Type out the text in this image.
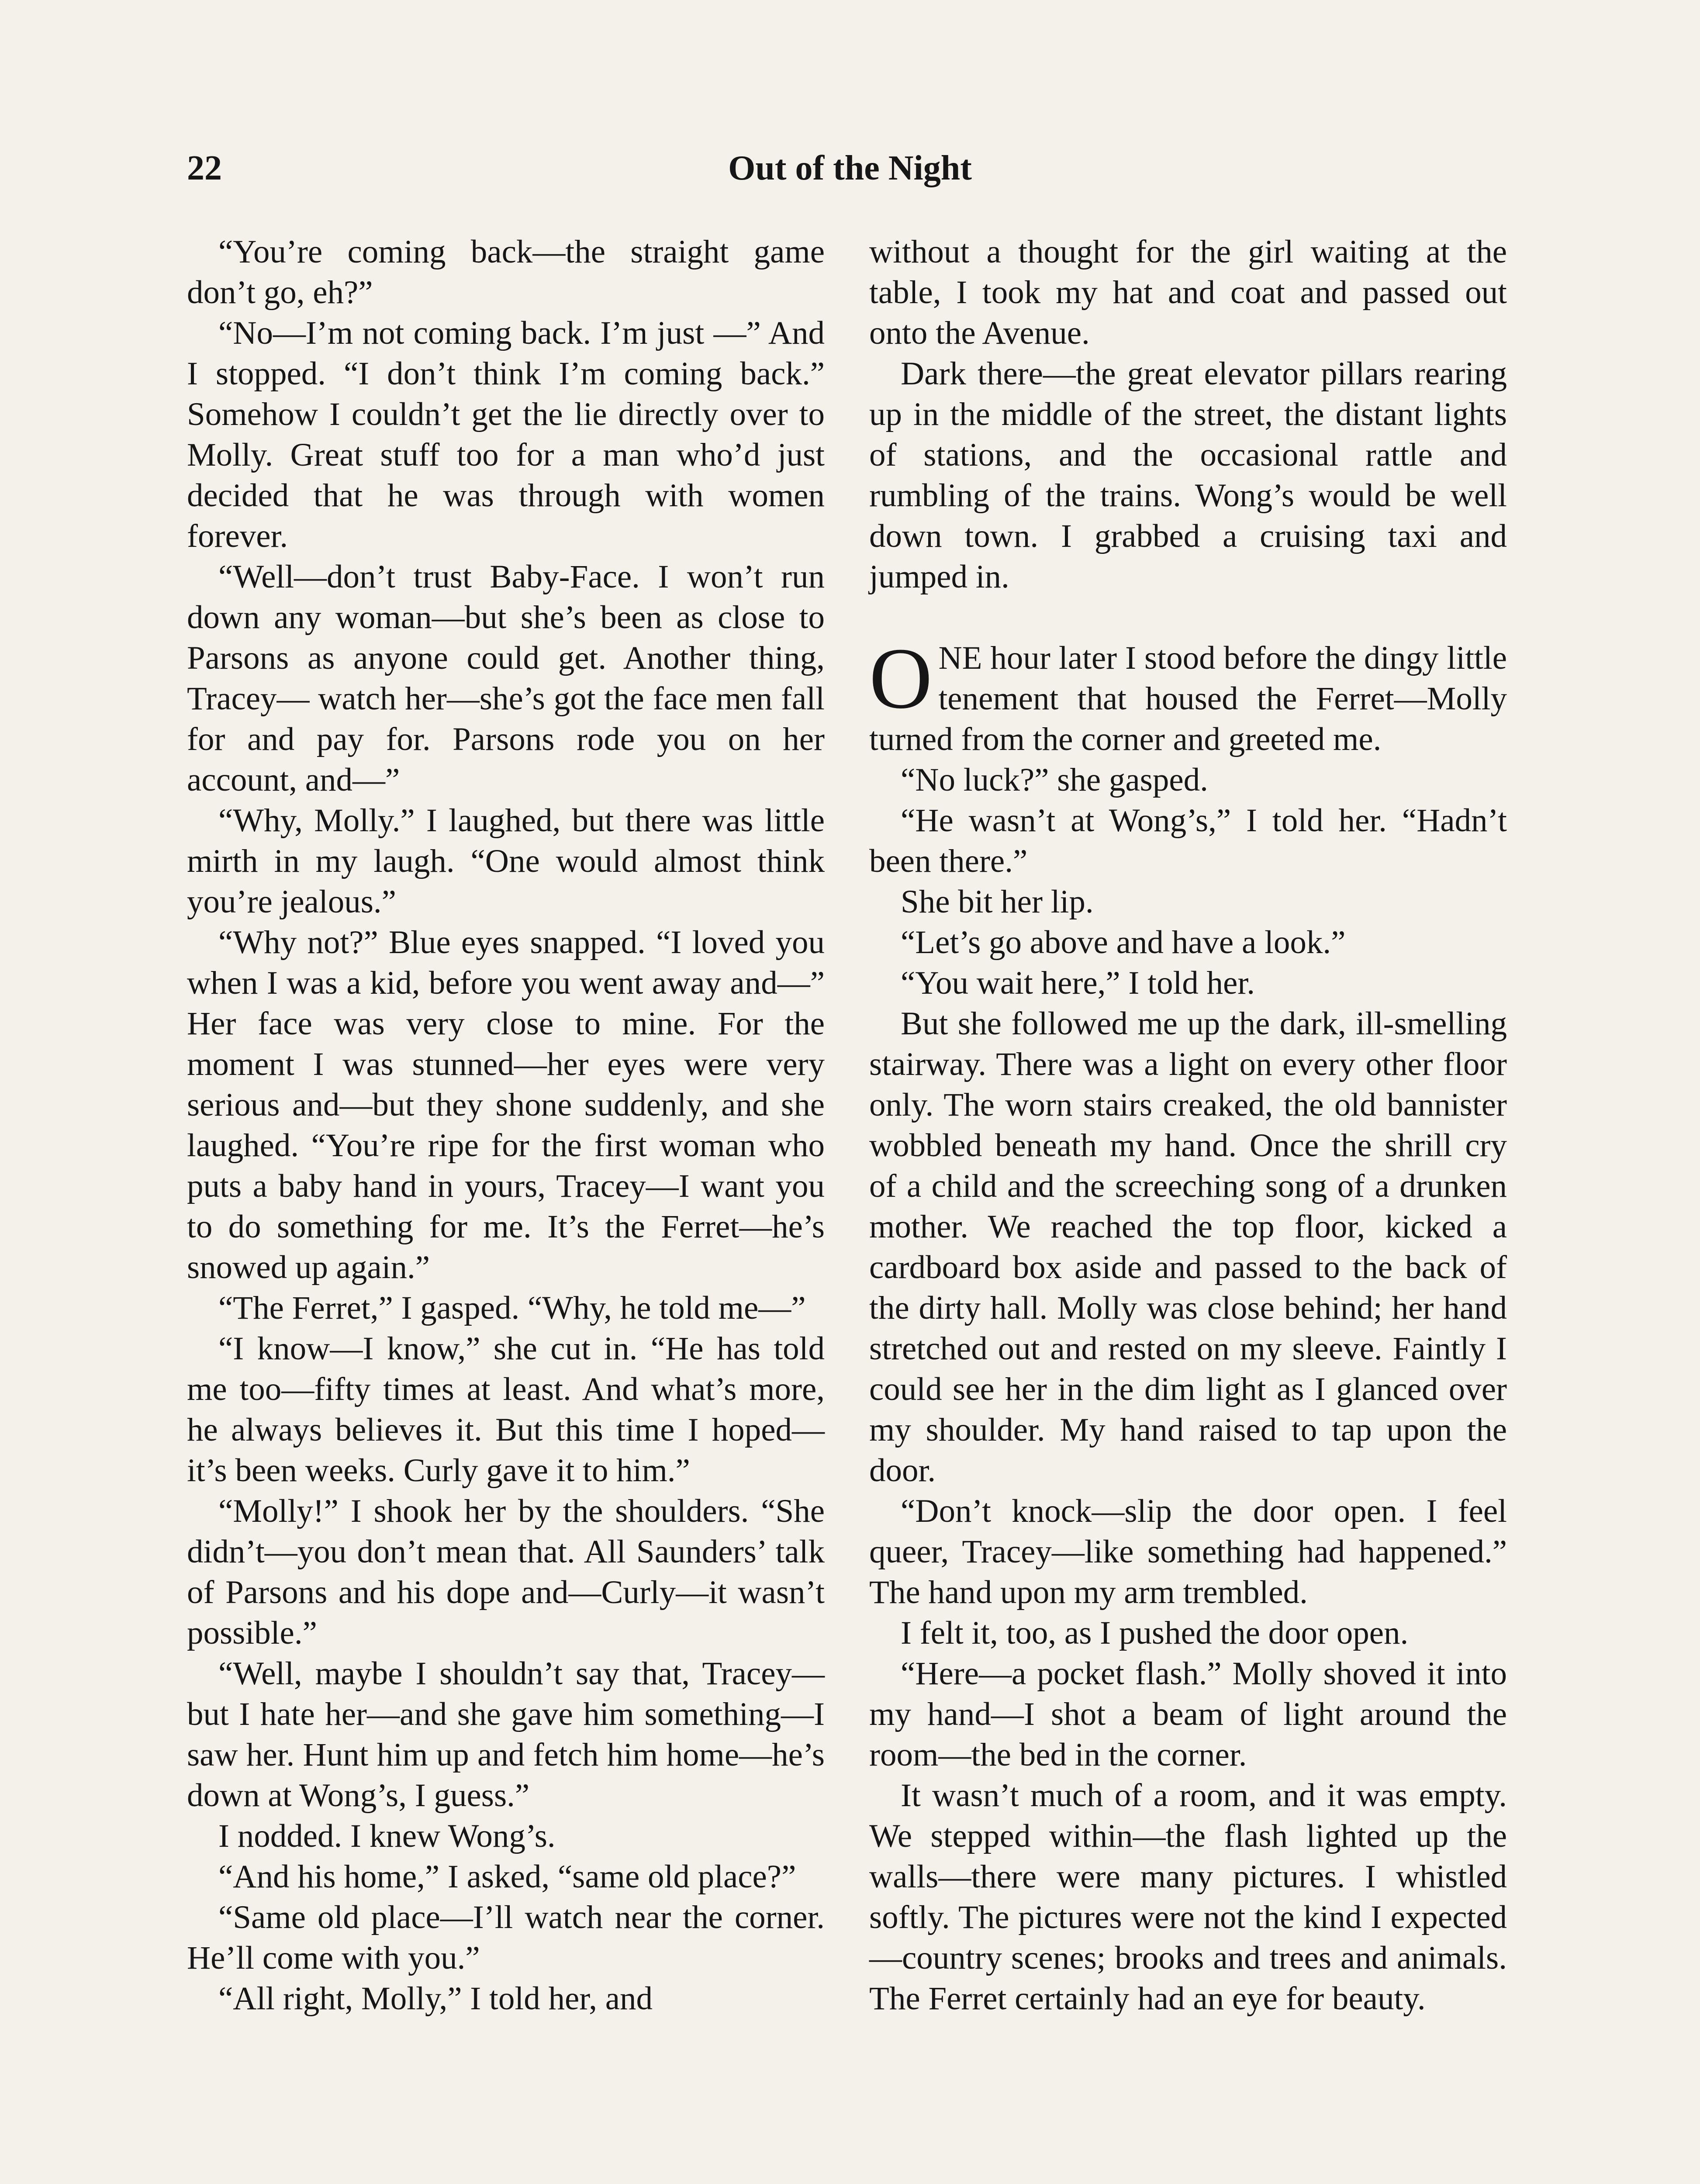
22	Out of the Night

“You’re coming back—the straight game don’t go, eh?”

“No—I’m not coming back. I’m just —” And I stopped. “I don’t think I’m coming back.” Somehow I couldn’t get the lie directly over to Molly. Great stuff too for a man who’d just decided that he was through with women forever.

“Well—don’t trust Baby-Face. I won’t run down any woman—but she’s been as close to Parsons as anyone could get. Another thing, Tracey— watch her—she’s got the face men fall for and pay for. Parsons rode you on her account, and—”

“Why, Molly.” I laughed, but there was little mirth in my laugh. “One would almost think you’re jealous.”

“Why not?” Blue eyes snapped. “I loved you when I was a kid, before you went away and—” Her face was very close to mine. For the moment I was stunned—her eyes were very serious and—but they shone suddenly, and she laughed. “You’re ripe for the first woman who puts a baby hand in yours, Tracey—I want you to do something for me. It’s the Ferret—he’s snowed up again.”

“The Ferret,” I gasped. “Why, he told me—”

“I know—I know,” she cut in. “He has told me too—fifty times at least. And what’s more, he always believes it. But this time I hoped—it’s been weeks. Curly gave it to him.”

“Molly!” I shook her by the shoulders. “She didn’t—you don’t mean that. All Saunders’ talk of Parsons and his dope and—Curly—it wasn’t possible.”

“Well, maybe I shouldn’t say that, Tracey—but I hate her—and she gave him something—I saw her. Hunt him up and fetch him home—he’s down at Wong’s, I guess.”

I nodded. I knew Wong’s.

“And his home,” I asked, “same old place?”

“Same old place—I’ll watch near the corner. He’ll come with you.”

“All right, Molly,” I told her, and

without a thought for the girl waiting at the table, I took my hat and coat and passed out onto the Avenue.

Dark there—the great elevator pillars rearing up in the middle of the street, the distant lights of stations, and the occasional rattle and rumbling of the trains. Wong’s would be well down town. I grabbed a cruising taxi and jumped in.

ONE hour later I stood before the dingy little tenement that housed the Ferret—Molly turned from the corner and greeted me.

“No luck?” she gasped.

“He wasn’t at Wong’s,” I told her. “Hadn’t been there.”

She bit her lip.

“Let’s go above and have a look.”

“You wait here,” I told her.

But she followed me up the dark, ill-smelling stairway. There was a light on every other floor only. The worn stairs creaked, the old bannister wobbled beneath my hand. Once the shrill cry of a child and the screeching song of a drunken mother. We reached the top floor, kicked a cardboard box aside and passed to the back of the dirty hall. Molly was close behind; her hand stretched out and rested on my sleeve. Faintly I could see her in the dim light as I glanced over my shoulder. My hand raised to tap upon the door.

“Don’t knock—slip the door open. I feel queer, Tracey—like something had happened.” The hand upon my arm trembled.

I felt it, too, as I pushed the door open.

“Here—a pocket flash.” Molly shoved it into my hand—I shot a beam of light around the room—the bed in the corner.

It wasn’t much of a room, and it was empty. We stepped within—the flash lighted up the walls—there were many pictures. I whistled softly. The pictures were not the kind I expected—country scenes; brooks and trees and animals. The Ferret certainly had an eye for beauty.
